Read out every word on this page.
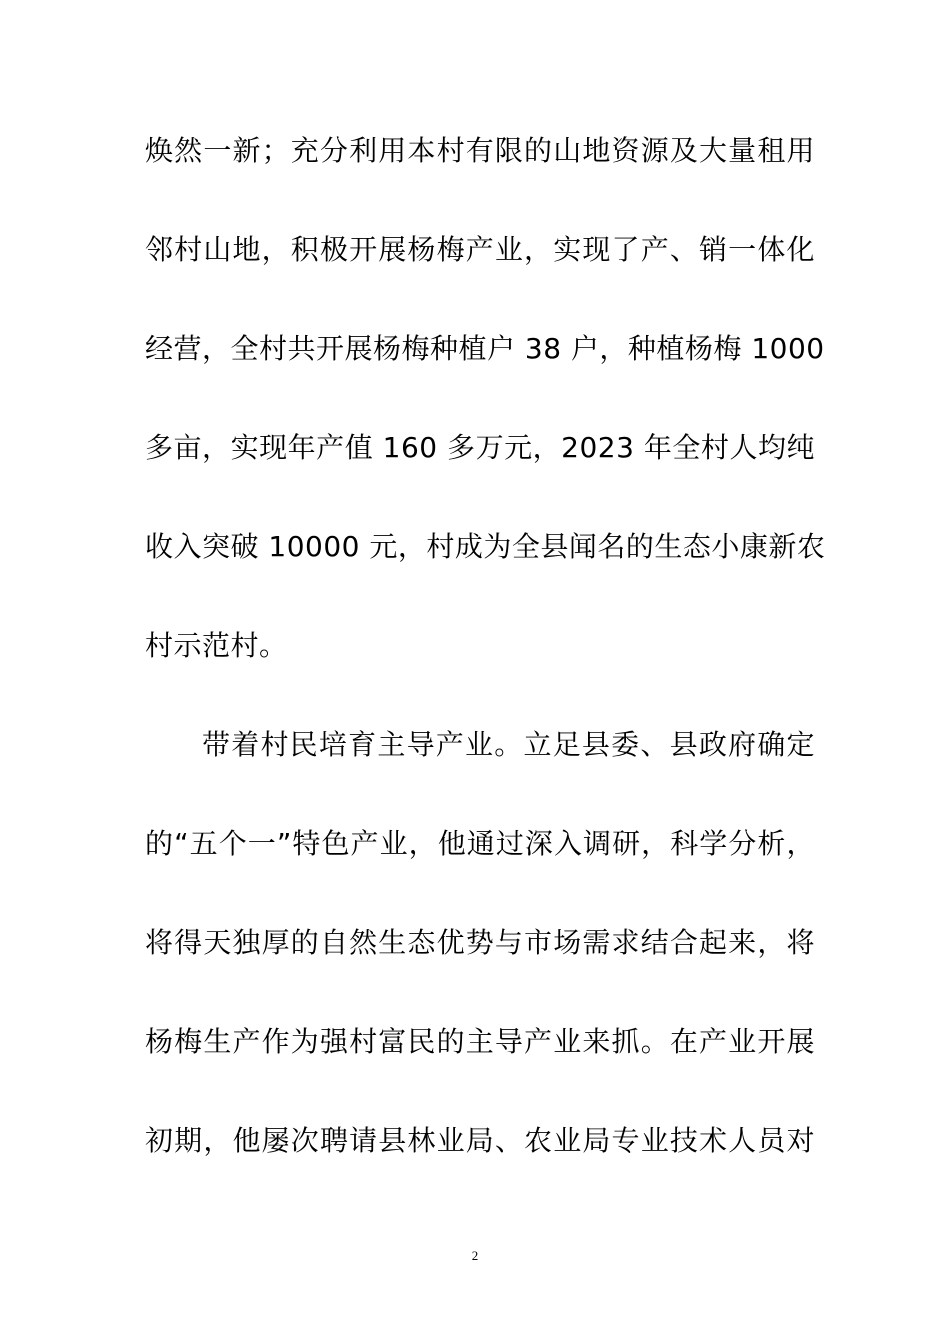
焕然一新；充分利用本村有限的山地资源及大量租用
邻村山地，积极开展杨梅产业，实现了产、销一体化
经营，全村共开展杨梅种植户 38 户，种植杨梅 1000
多亩，实现年产值 160 多万元，2023 年全村人均纯
收入突破 10000 元，村成为全县闻名的生态小康新农
村示范村。
带着村民培育主导产业。立足县委、县政府确定
的“五个一”特色产业，他通过深入调研，科学分析，
将得天独厚的自然生态优势与市场需求结合起来，将
杨梅生产作为强村富民的主导产业来抓。在产业开展
初期，他屡次聘请县林业局、农业局专业技术人员对
2
